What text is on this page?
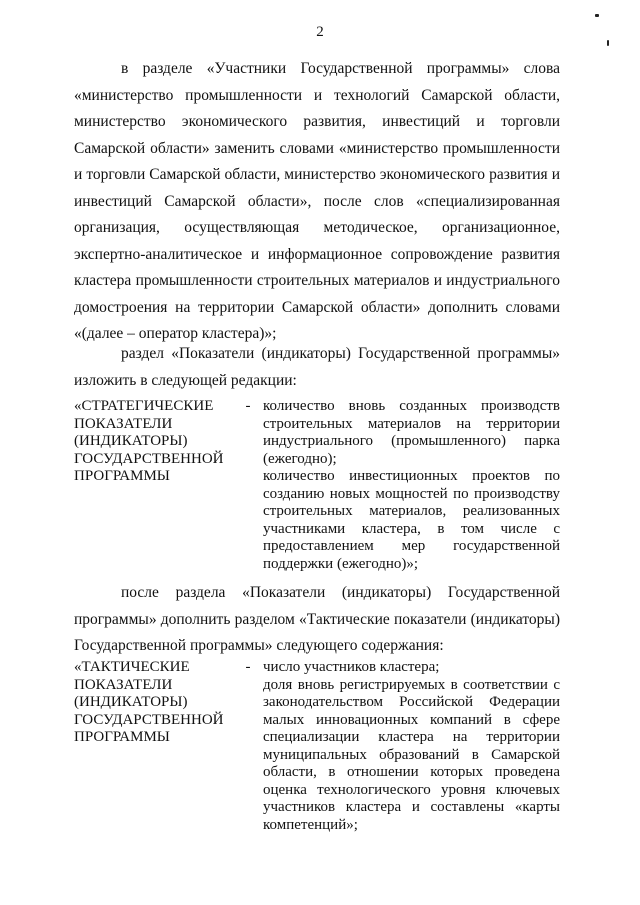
2

в разделе «Участники Государственной программы» слова «министерство промышленности и технологий Самарской области, министерство экономического развития, инвестиций и торговли Самарской области» заменить словами «министерство промышленности и торговли Самарской области, министерство экономического развития и инвестиций Самарской области», после слов «специализированная организация, осуществляющая методическое, организационное, экспертно-аналитическое и информационное сопровождение развития кластера промышленности строительных материалов и индустриального домостроения на территории Самарской области» дополнить словами «(далее – оператор кластера)»;

раздел «Показатели (индикаторы) Государственной программы» изложить в следующей редакции:

«СТРАТЕГИЧЕСКИЕ ПОКАЗАТЕЛИ (ИНДИКАТОРЫ) ГОСУДАРСТВЕННОЙ ПРОГРАММЫ
- количество вновь созданных производств строительных материалов на территории индустриального (промышленного) парка (ежегодно);

количество инвестиционных проектов по созданию новых мощностей по производству строительных материалов, реализованных участниками кластера, в том числе с предоставлением мер государственной поддержки (ежегодно)»;

после раздела «Показатели (индикаторы) Государственной программы» дополнить разделом «Тактические показатели (индикаторы) Государственной программы» следующего содержания:

«ТАКТИЧЕСКИЕ ПОКАЗАТЕЛИ (ИНДИКАТОРЫ) ГОСУДАРСТВЕННОЙ ПРОГРАММЫ
- число участников кластера;

доля вновь регистрируемых в соответствии с законодательством Российской Федерации малых инновационных компаний в сфере специализации кластера на территории муниципальных образований в Самарской области, в отношении которых проведена оценка технологического уровня ключевых участников кластера и составлены «карты компетенций»;
